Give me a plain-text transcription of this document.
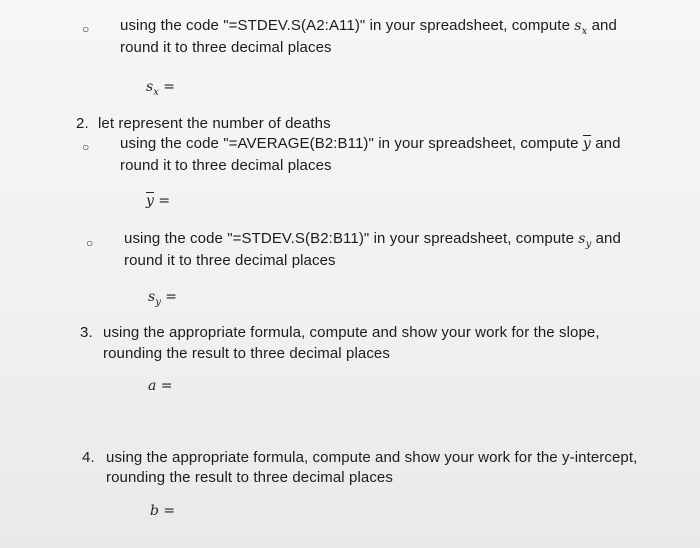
○ using the code "=STDEV.S(A2:A11)" in your spreadsheet, compute $s_x$ and
round it to three decimal places
$s_x$ =
2. let represent the number of deaths
○ using the code "=AVERAGE(B2:B11)" in your spreadsheet, compute $\overline{y}$ and
round it to three decimal places
$\overline{y}$ =
○ using the code "=STDEV.S(B2:B11)" in your spreadsheet, compute $s_y$ and
round it to three decimal places
$s_y$ =
3. using the appropriate formula, compute and show your work for the slope,
rounding the result to three decimal places
a =
4. using the appropriate formula, compute and show your work for the y-intercept,
rounding the result to three decimal places
b =
